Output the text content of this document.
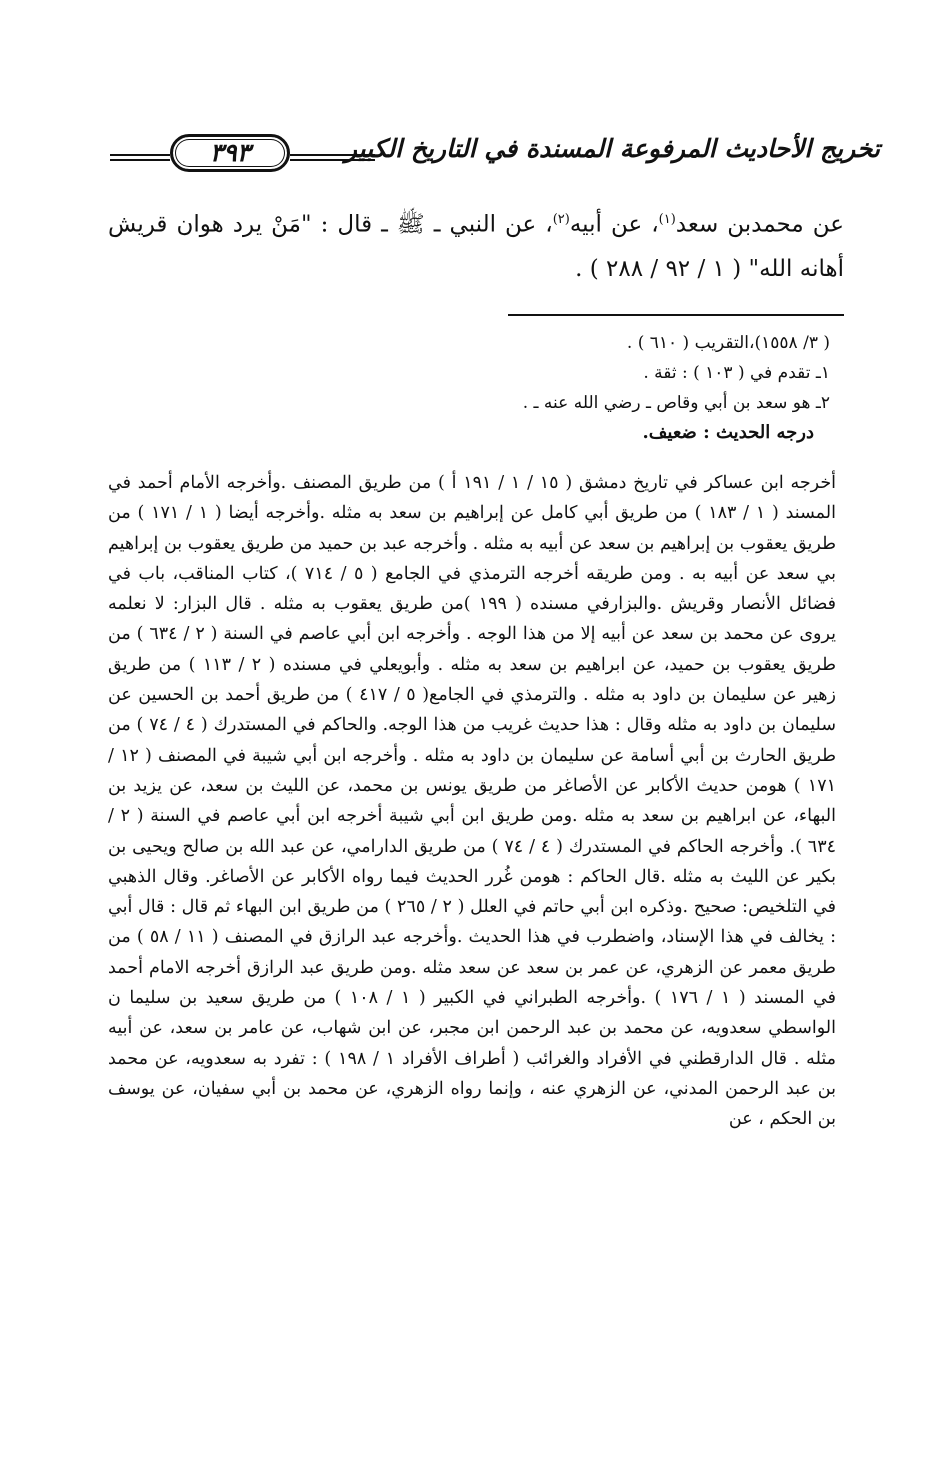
تخريج الأحاديث المرفوعة المسندة في التاريخ الكبير
٣٩٣

عن محمدبن سعد$^{(١)}$، عن أبيه$^{(٢)}$، عن النبي ـ ﷺ ـ قال : "مَنْ يرد هوان قريش أهانه الله" ( ١ / ٩٢ / ٢٨٨ ) .

( ٣/ ١٥٥٨)،التقريب ( ٦١٠ ) .
١ـ تقدم في ( ١٠٣ ) : ثقة .
٢ـ هو سعد بن أبي وقاص ـ رضي الله عنه ـ .
درجه الحديث : ضعيف.

أخرجه ابن عساكر في تاريخ دمشق ( ١٥ / ١ / ١٩١ أ ) من طريق المصنف .وأخرجه الأمام أحمد في المسند ( ١ / ١٨٣ ) من طريق أبي كامل عن إبراهيم بن سعد به مثله .وأخرجه أيضا ( ١ / ١٧١ ) من طريق يعقوب بن إبراهيم بن سعد عن أبيه به مثله . وأخرجه عبد بن حميد من طريق يعقوب بن إبراهيم بي سعد عن أبيه به . ومن طريقه أخرجه الترمذي في الجامع ( ٥ / ٧١٤ )، كتاب المناقب، باب في فضائل الأنصار وقريش .والبزارفي مسنده ( ١٩٩ )من طريق يعقوب به مثله . قال البزار: لا نعلمه يروى عن محمد بن سعد عن أبيه إلا من هذا الوجه . وأخرجه ابن أبي عاصم في السنة ( ٢ / ٦٣٤ ) من طريق يعقوب بن حميد، عن ابراهيم بن سعد به مثله . وأبويعلي في مسنده ( ٢ / ١١٣ ) من طريق زهير عن سليمان بن داود به مثله . والترمذي في الجامع( ٥ / ٤١٧ ) من طريق أحمد بن الحسين عن سليمان بن داود به مثله وقال : هذا حديث غريب من هذا الوجه. والحاكم في المستدرك ( ٤ / ٧٤ ) من طريق الحارث بن أبي أسامة عن سليمان بن داود به مثله . وأخرجه ابن أبي شيبة في المصنف ( ١٢ / ١٧١ ) هومن حديث الأكابر عن الأصاغر من طريق يونس بن محمد، عن الليث بن سعد، عن يزيد بن البهاء، عن ابراهيم بن سعد به مثله .ومن طريق ابن أبي شيبة أخرجه ابن أبي عاصم في السنة ( ٢ / ٦٣٤ ). وأخرجه الحاكم في المستدرك ( ٤ / ٧٤ ) من طريق الدارامي، عن عبد الله بن صالح ويحيى بن بكير عن الليث به مثله .قال الحاكم : هومن غُرر الحديث فيما رواه الأكابر عن الأصاغر. وقال الذهبي في التلخيص: صحيح .وذكره ابن أبي حاتم في العلل ( ٢ / ٢٦٥ ) من طريق ابن البهاء ثم قال : قال أبي : يخالف في هذا الإسناد، واضطرب في هذا الحديث .وأخرجه عبد الرازق في المصنف ( ١١ / ٥٨ ) من طريق معمر عن الزهري، عن عمر بن سعد عن سعد مثله .ومن طريق عبد الرازق أخرجه الامام أحمد في المسند ( ١ / ١٧٦ ) .وأخرجه الطبراني في الكبير ( ١ / ١٠٨ ) من طريق سعيد بن سليما ن الواسطي سعدويه، عن محمد بن عبد الرحمن ابن مجبر، عن ابن شهاب، عن عامر بن سعد، عن أبيه مثله . قال الدارقطني في الأفراد والغرائب ( أطراف الأفراد ١ / ١٩٨ ) : تفرد به سعدويه، عن محمد بن عبد الرحمن المدني، عن الزهري عنه ، وإنما رواه الزهري، عن محمد بن أبي سفيان، عن يوسف بن الحكم ، عن
